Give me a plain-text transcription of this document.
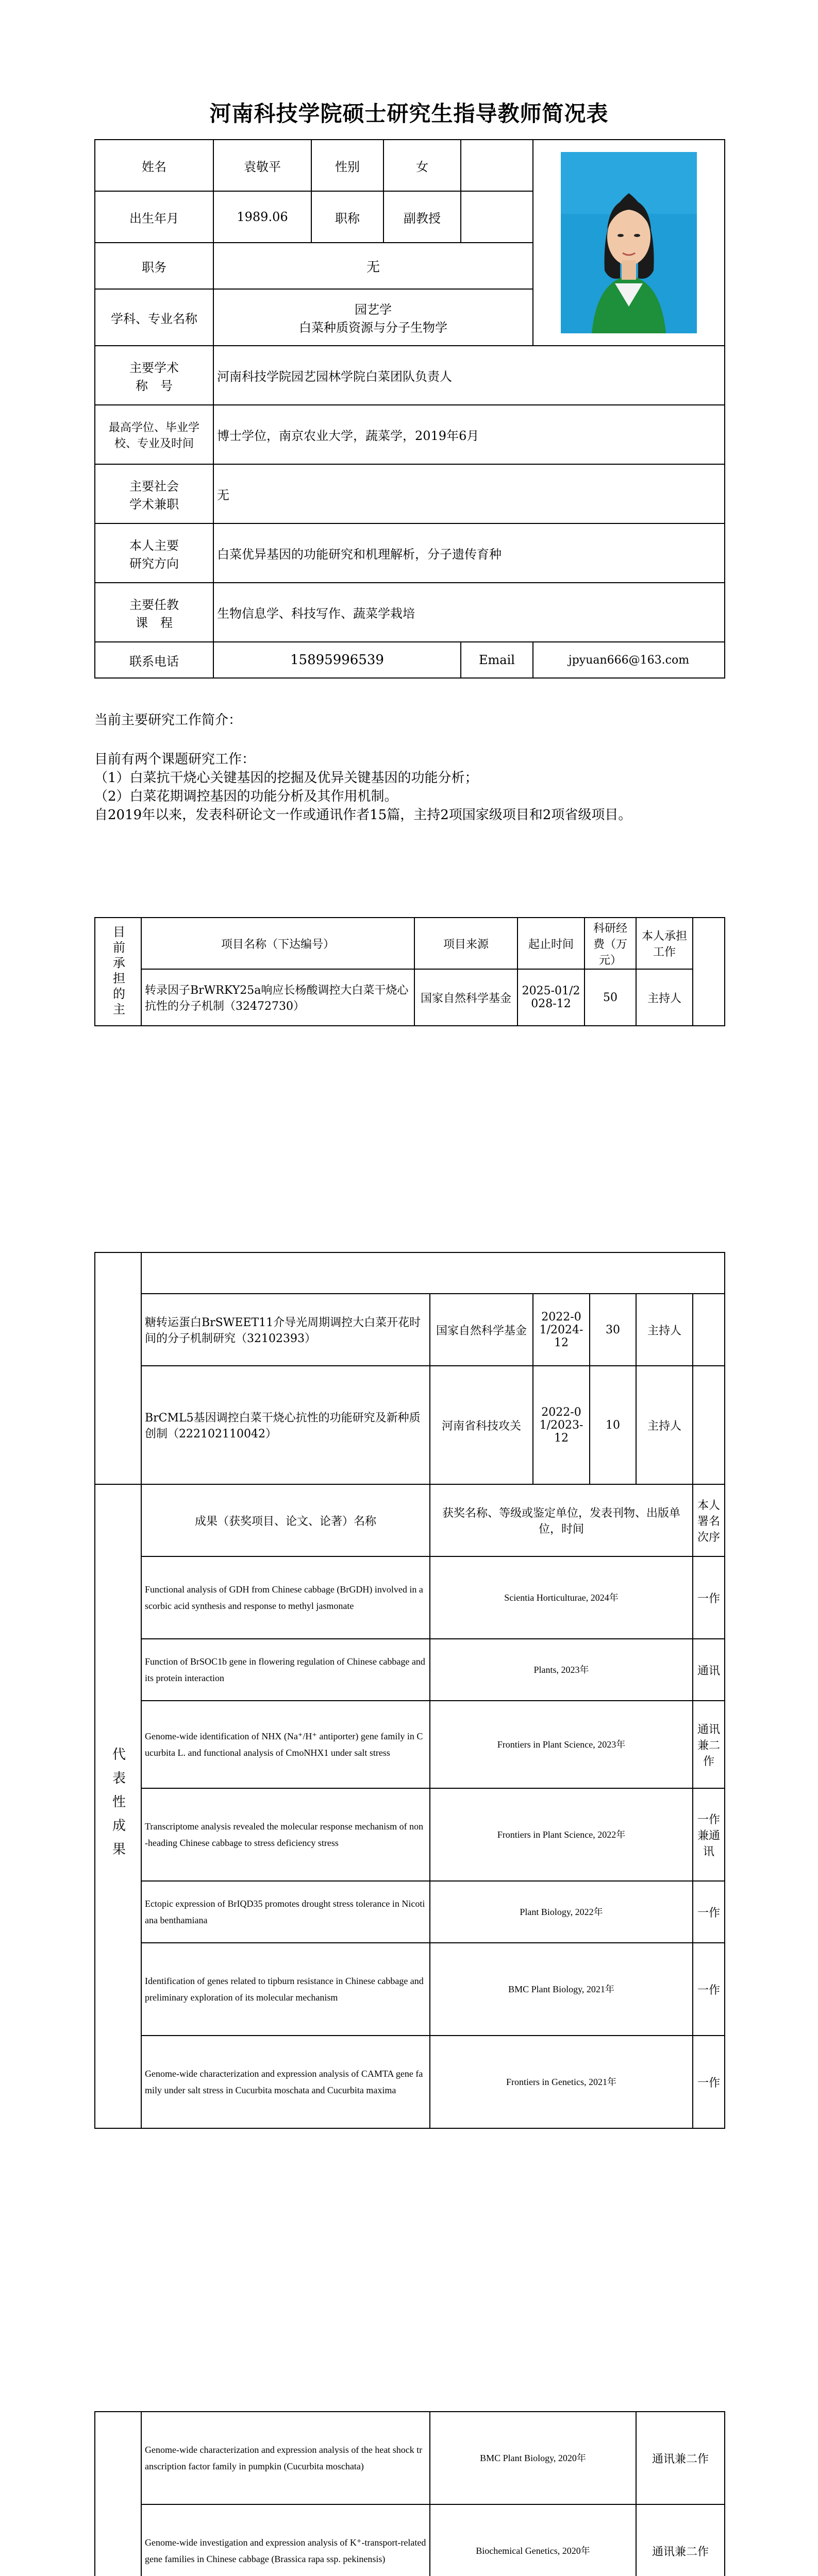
河南科技学院硕士研究生指导教师简况表
姓名	袁敬平	性别	女		

出生年月	1989.06	职称	副教授		
职务	无				
学科、专业名称	园艺学
白菜种质资源与分子生物学				

主要学术
称　号	河南科技学院园艺园林学院白菜团队负责人				

最高学位、毕业学
校、专业及时间	博士学位，南京农业大学，蔬菜学，2019年6月				

主要社会
学术兼职	无				

本人主要
研究方向	白菜优异基因的功能研究和机理解析，分子遗传育种				

主要任教
课　程	生物信息学、科技写作、蔬菜学栽培				
联系电话	15895996539			Email	jpyuan666@163.com

当前主要研究工作简介：

目前有两个课题研究工作：

（1）白菜抗干烧心关键基因的挖掘及优异关键基因的功能分析；

（2）白菜花期调控基因的功能分析及其作用机制。

自2019年以来，发表科研论文一作或通讯作者15篇，主持2项国家级项目和2项省级项目。

目前承担的主	项目名称（下达编号）	项目来源	起止时间	科研经费（万元）	本人承担工作	
	转录因子BrWRKY25a响应长杨酸调控大白菜干烧心抗性的分子机制（32472730）	国家自然科学基金	2025-01/2028-12	50	主持人	

	糖转运蛋白BrSWEET11介导光周期调控大白菜开花时间的分子机制研究（32102393）	国家自然科学基金	2022-01/2024-12	30	主持人	
	BrCML5基因调控白菜干烧心抗性的功能研究及新种质创制（222102110042）	河南省科技攻关	2022-01/2023-12	10	主持人	

代表性成果	成果（获奖项目、论文、论著）名称	获奖名称、等级或鉴定单位，发表刊物、出版单位，时间				本人署名次序
	Functional analysis of GDH from Chinese cabbage (BrGDH) involved in ascorbic acid synthesis and response to methyl jasmonate	Scientia Horticulturae, 2024年				一作
	Function of BrSOC1b gene in flowering regulation of Chinese cabbage and its protein interaction	Plants, 2023年				通讯
	Genome-wide identification of NHX (Na⁺/H⁺ antiporter) gene family in Cucurbita L. and functional analysis of CmoNHX1 under salt stress	Frontiers in Plant Science, 2023年				通讯兼二作
	Transcriptome analysis revealed the molecular response mechanism of non-heading Chinese cabbage to stress deficiency stress	Frontiers in Plant Science, 2022年				一作兼通讯
	Ectopic expression of BrIQD35 promotes drought stress tolerance in Nicotiana benthamiana	Plant Biology, 2022年				一作
	Identification of genes related to tipburn resistance in Chinese cabbage and preliminary exploration of its molecular mechanism	BMC Plant Biology, 2021年				一作
	Genome-wide characterization and expression analysis of CAMTA gene family under salt stress in Cucurbita moschata and Cucurbita maxima	Frontiers in Genetics, 2021年				一作
	Genome-wide characterization and expression analysis of the heat shock transcription factor family in pumpkin (Cucurbita moschata)	BMC Plant Biology, 2020年	通讯兼二作
	Genome-wide investigation and expression analysis of K⁺-transport-related gene families in Chinese cabbage (Brassica rapa ssp. pekinensis)	Biochemical Genetics, 2020年	通讯兼二作
